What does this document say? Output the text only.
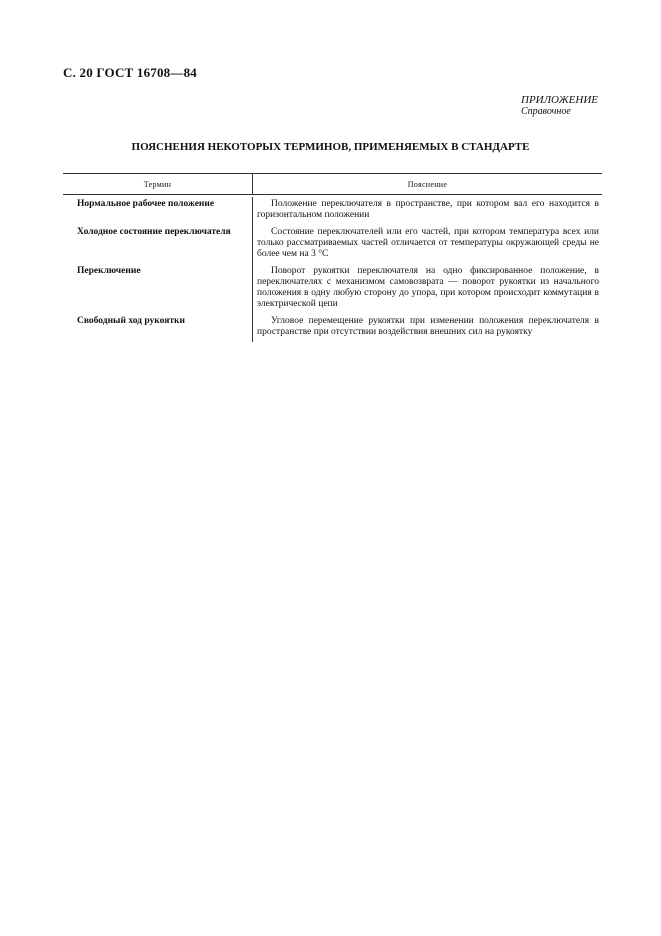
С. 20 ГОСТ 16708—84
ПРИЛОЖЕНИЕ
Справочное
ПОЯСНЕНИЯ НЕКОТОРЫХ ТЕРМИНОВ, ПРИМЕНЯЕМЫХ В СТАНДАРТЕ
Термин	Пояснение
Нормальное рабочее положение	Положение переключателя в пространстве, при котором вал его находится в горизонтальном положении
Холодное состояние переключателя	Состояние переключателей или его частей, при котором температура всех или только рассматриваемых частей отличается от температуры окружающей среды не более чем на 3 °С
Переключение	Поворот рукоятки переключателя на одно фиксированное положение, в переключателях с механизмом самовозврата — поворот рукоятки из начального положения в одну любую сторону до упора, при котором происходит коммутация в электрической цепи
Свободный ход рукоятки	Угловое перемещение рукоятки при изменении положения переключателя в пространстве при отсутствии воздействия внешних сил на рукоятку
